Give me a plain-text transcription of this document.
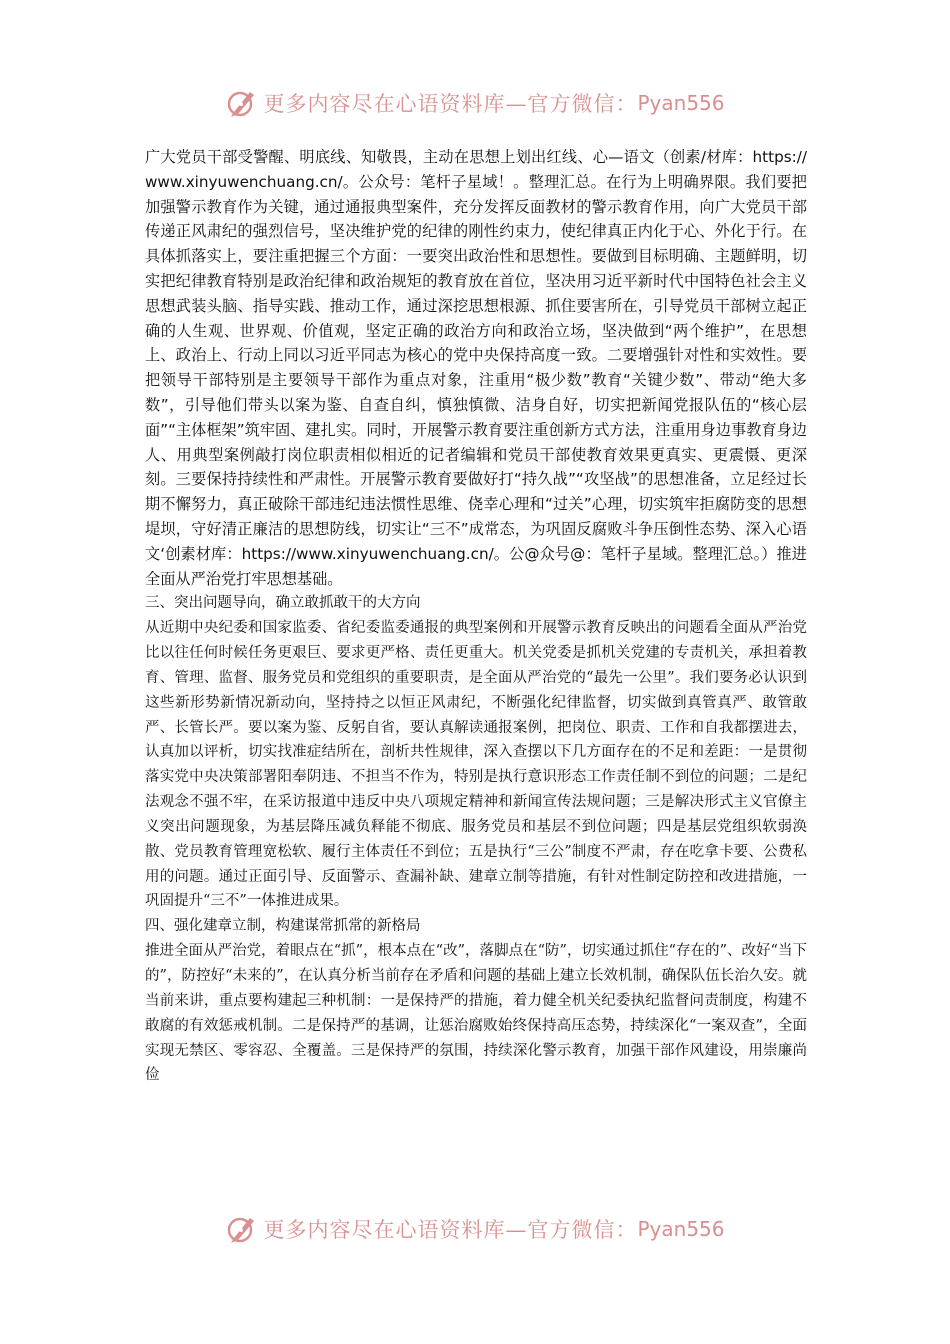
更多内容尽在心语资料库—官方微信： Pyan556

广大党员干部受警醒、明底线、知敬畏，主动在思想上划出红线、心—语文（创素/材库：https://www.xinyuwenchuang.cn/。公众号：笔杆子星域！。整理汇总。在行为上明确界限。我们要把加强警示教育作为关键，通过通报典型案件，充分发挥反面教材的警示教育作用，向广大党员干部传递正风肃纪的强烈信号，坚决维护党的纪律的刚性约束力，使纪律真正内化于心、外化于行。在具体抓落实上，要注重把握三个方面：一要突出政治性和思想性。要做到目标明确、主题鲜明，切实把纪律教育特别是政治纪律和政治规矩的教育放在首位，坚决用习近平新时代中国特色社会主义思想武装头脑、指导实践、推动工作，通过深挖思想根源、抓住要害所在，引导党员干部树立起正确的人生观、世界观、价值观，坚定正确的政治方向和政治立场，坚决做到“两个维护”，在思想上、政治上、行动上同以习近平同志为核心的党中央保持高度一致。二要增强针对性和实效性。要把领导干部特别是主要领导干部作为重点对象，注重用“极少数”教育“关键少数”、带动“绝大多数”，引导他们带头以案为鉴、自查自纠，慎独慎微、洁身自好，切实把新闻党报队伍的“核心层面”“主体框架”筑牢固、建扎实。同时，开展警示教育要注重创新方式方法，注重用身边事教育身边人、用典型案例敲打岗位职责相似相近的记者编辑和党员干部使教育效果更真实、更震慑、更深刻。三要保持持续性和严肃性。开展警示教育要做好打“持久战”“攻坚战”的思想准备，立足经过长期不懈努力，真正破除干部违纪违法惯性思维、侥幸心理和“过关”心理，切实筑牢拒腐防变的思想堤坝，守好清正廉洁的思想防线，切实让“三不”成常态，为巩固反腐败斗争压倒性态势、深入心语文‘创素材库：https://www.xinyuwenchuang.cn/。公@众号@：笔杆子星域。整理汇总。）推进全面从严治党打牢思想基础。

三、突出问题导向，确立敢抓敢干的大方向

从近期中央纪委和国家监委、省纪委监委通报的典型案例和开展警示教育反映出的问题看全面从严治党比以往任何时候任务更艰巨、要求更严格、责任更重大。机关党委是抓机关党建的专责机关，承担着教育、管理、监督、服务党员和党组织的重要职责，是全面从严治党的“最先一公里”。我们要务必认识到这些新形势新情况新动向，坚持持之以恒正风肃纪，不断强化纪律监督，切实做到真管真严、敢管敢严、长管长严。要以案为鉴、反躬自省，要认真解读通报案例，把岗位、职责、工作和自我都摆进去，认真加以评析，切实找准症结所在，剖析共性规律，深入查摆以下几方面存在的不足和差距：一是贯彻落实党中央决策部署阳奉阴违、不担当不作为，特别是执行意识形态工作责任制不到位的问题；二是纪法观念不强不牢，在采访报道中违反中央八项规定精神和新闻宣传法规问题；三是解决形式主义官僚主义突出问题现象，为基层降压减负释能不彻底、服务党员和基层不到位问题；四是基层党组织软弱涣散、党员教育管理宽松软、履行主体责任不到位；五是执行“三公”制度不严肃，存在吃拿卡要、公费私用的问题。通过正面引导、反面警示、查漏补缺、建章立制等措施，有针对性制定防控和改进措施，一巩固提升“三不”一体推进成果。

四、强化建章立制，构建谋常抓常的新格局

推进全面从严治党，着眼点在“抓”，根本点在“改”，落脚点在“防”，切实通过抓住“存在的”、改好“当下的”，防控好“未来的”，在认真分析当前存在矛盾和问题的基础上建立长效机制，确保队伍长治久安。就当前来讲，重点要构建起三种机制：一是保持严的措施，着力健全机关纪委执纪监督问责制度，构建不敢腐的有效惩戒机制。二是保持严的基调，让惩治腐败始终保持高压态势，持续深化“一案双查”，全面实现无禁区、零容忍、全覆盖。三是保持严的氛围，持续深化警示教育，加强干部作风建设，用崇廉尚俭

更多内容尽在心语资料库—官方微信： Pyan556
